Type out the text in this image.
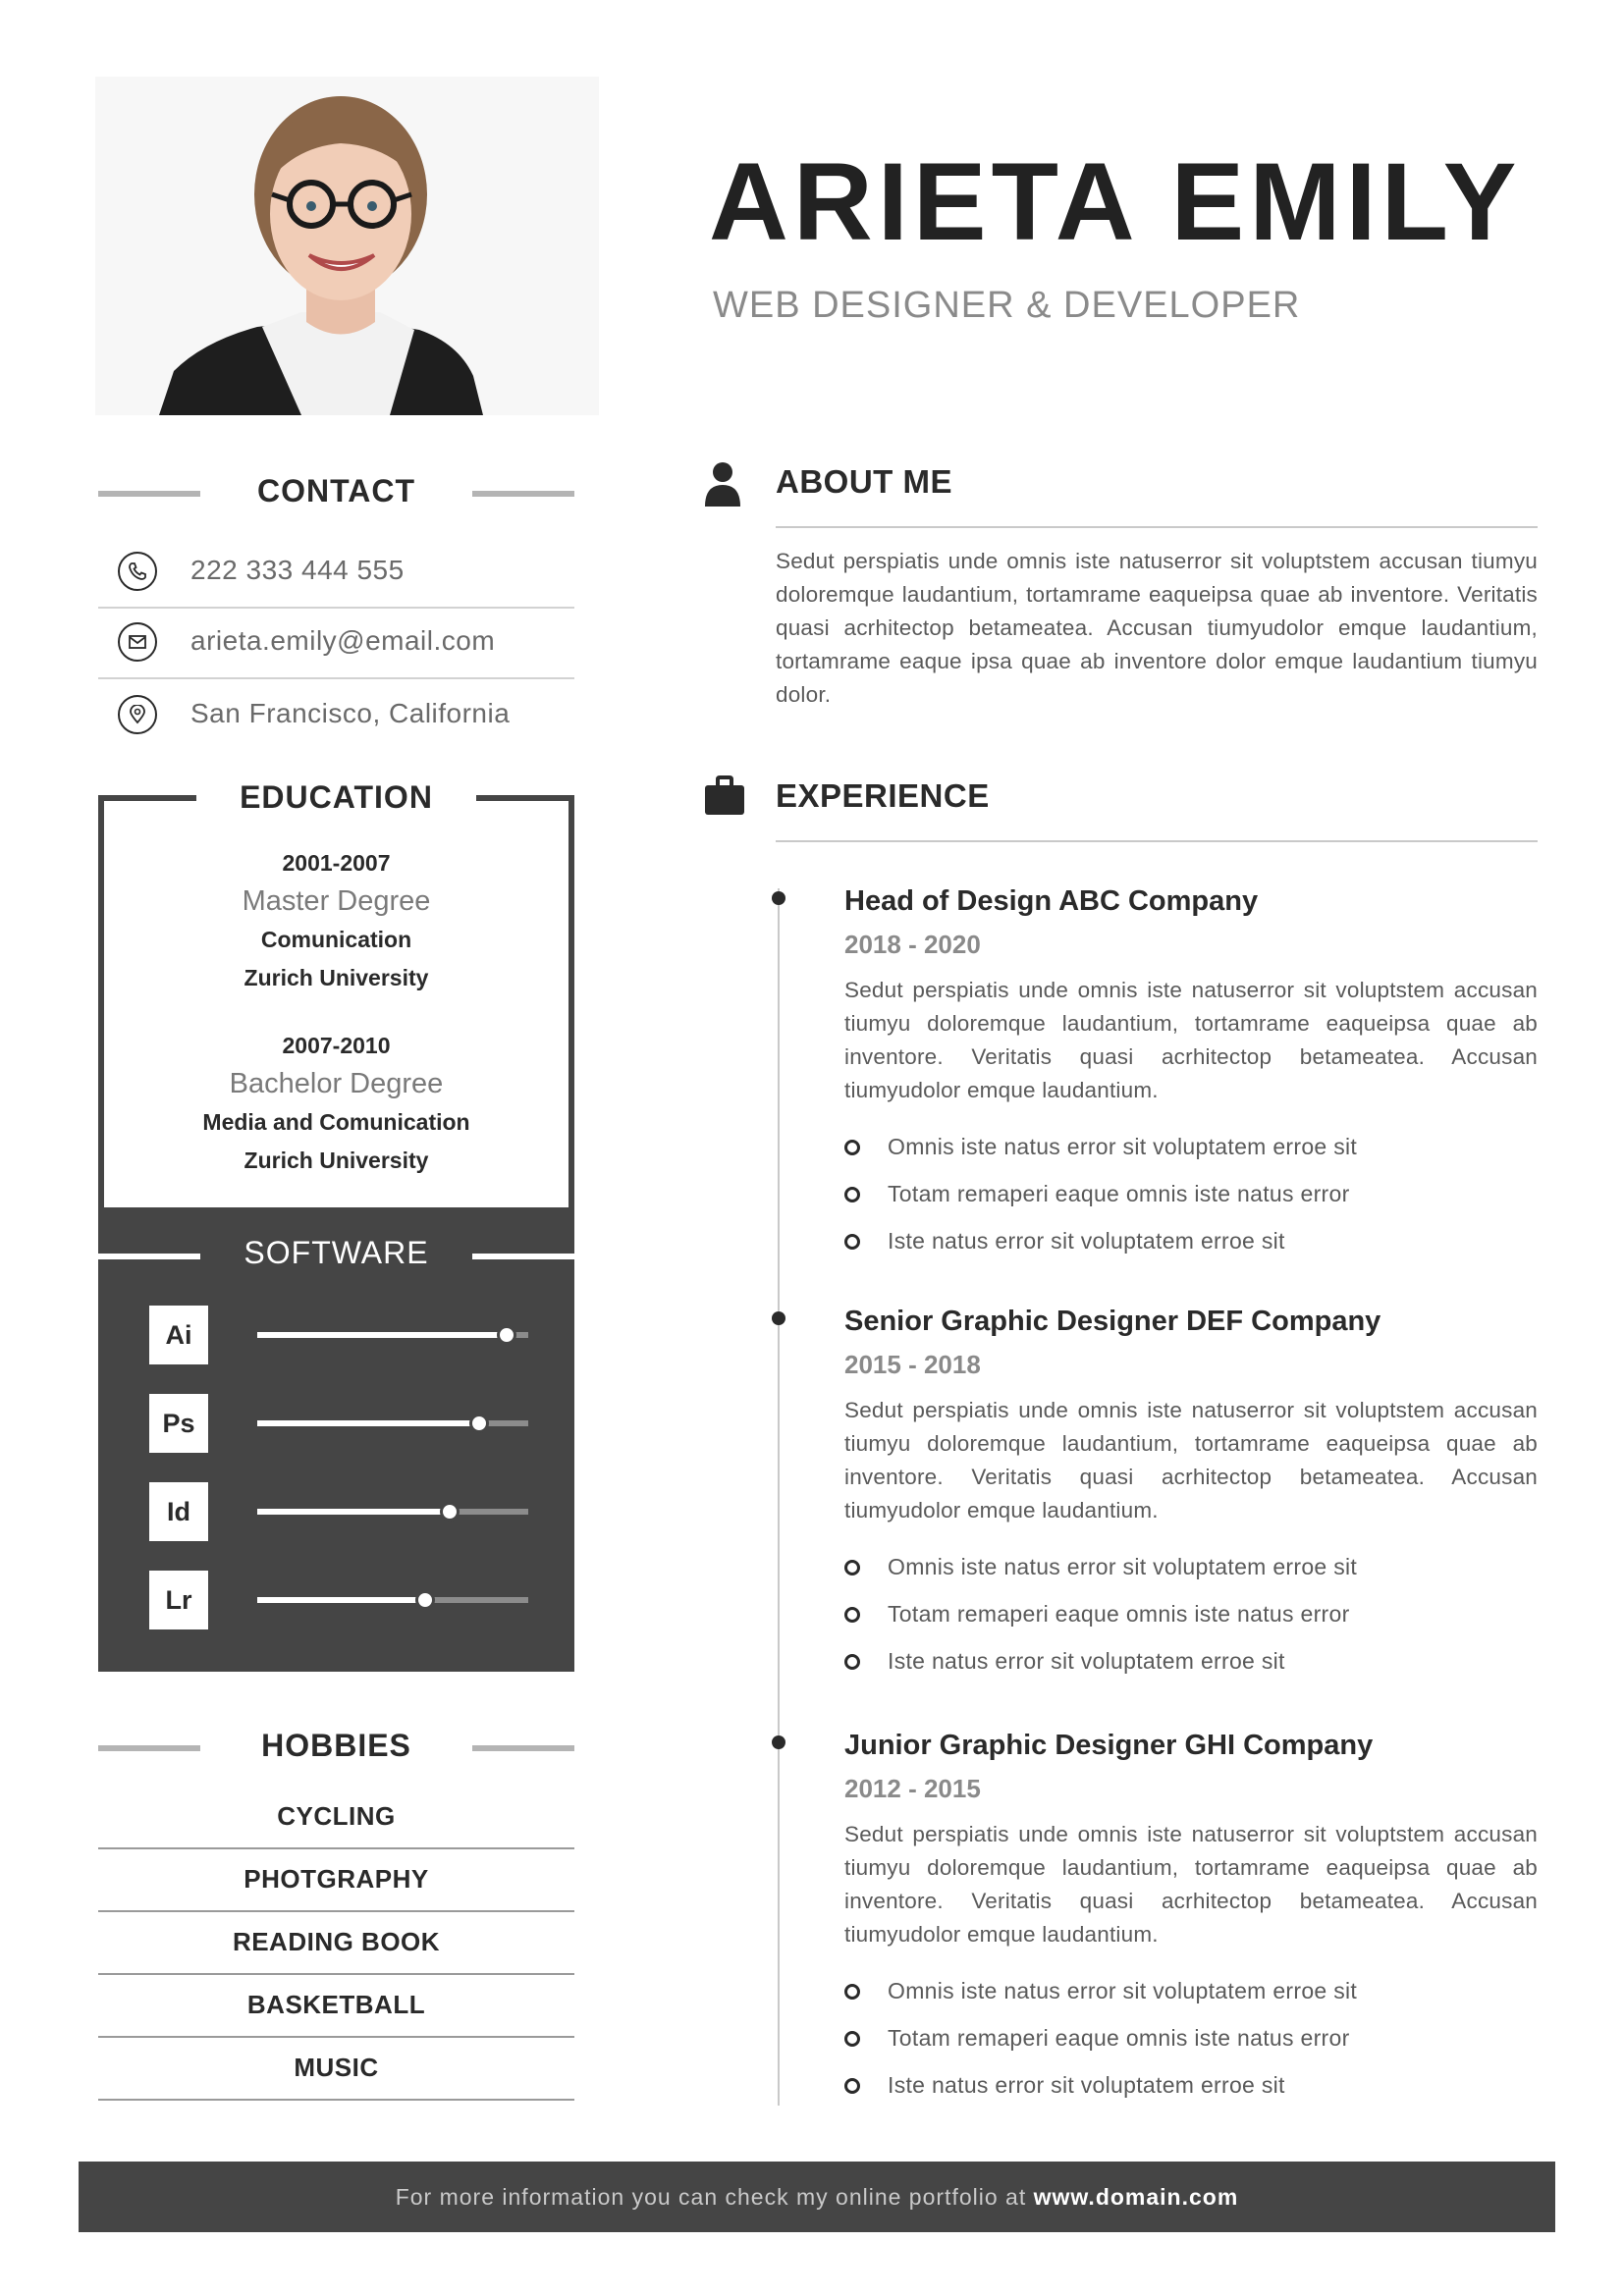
ARIETA EMILY
WEB DESIGNER & DEVELOPER
CONTACT
222 333 444 555
arieta.emily@email.com
San Francisco, California
EDUCATION
2001-2007
Master Degree
Comunication
Zurich University
2007-2010
Bachelor Degree
Media and Comunication
Zurich University
SOFTWARE
Ai
Ps
Id
Lr
HOBBIES
CYCLING
PHOTGRAPHY
READING BOOK
BASKETBALL
MUSIC
ABOUT ME
Sedut perspiatis unde omnis iste natuserror sit voluptstem accusan tiumyu doloremque laudantium, tortamrame eaqueipsa quae ab inventore. Veritatis quasi acrhitectop betameatea. Accusan tiumyudolor emque laudantium, tortamrame eaque ipsa quae ab inventore dolor emque laudantium tiumyu dolor.
EXPERIENCE
Head of Design ABC Company
2018 - 2020
Sedut perspiatis unde omnis iste natuserror sit voluptstem accusan tiumyu doloremque laudantium, tortamrame eaqueipsa quae ab inventore. Veritatis quasi acrhitectop betameatea. Accusan tiumyudolor emque laudantium.
Omnis iste natus error sit voluptatem erroe sit
Totam remaperi eaque omnis iste natus error
Iste natus error sit voluptatem erroe sit
Senior Graphic Designer DEF Company
2015 - 2018
Sedut perspiatis unde omnis iste natuserror sit voluptstem accusan tiumyu doloremque laudantium, tortamrame eaqueipsa quae ab inventore. Veritatis quasi acrhitectop betameatea. Accusan tiumyudolor emque laudantium.
Omnis iste natus error sit voluptatem erroe sit
Totam remaperi eaque omnis iste natus error
Iste natus error sit voluptatem erroe sit
Junior Graphic Designer GHI Company
2012 - 2015
Sedut perspiatis unde omnis iste natuserror sit voluptstem accusan tiumyu doloremque laudantium, tortamrame eaqueipsa quae ab inventore. Veritatis quasi acrhitectop betameatea. Accusan tiumyudolor emque laudantium.
Omnis iste natus error sit voluptatem erroe sit
Totam remaperi eaque omnis iste natus error
Iste natus error sit voluptatem erroe sit
For more information you can check my online portfolio at www.domain.com
